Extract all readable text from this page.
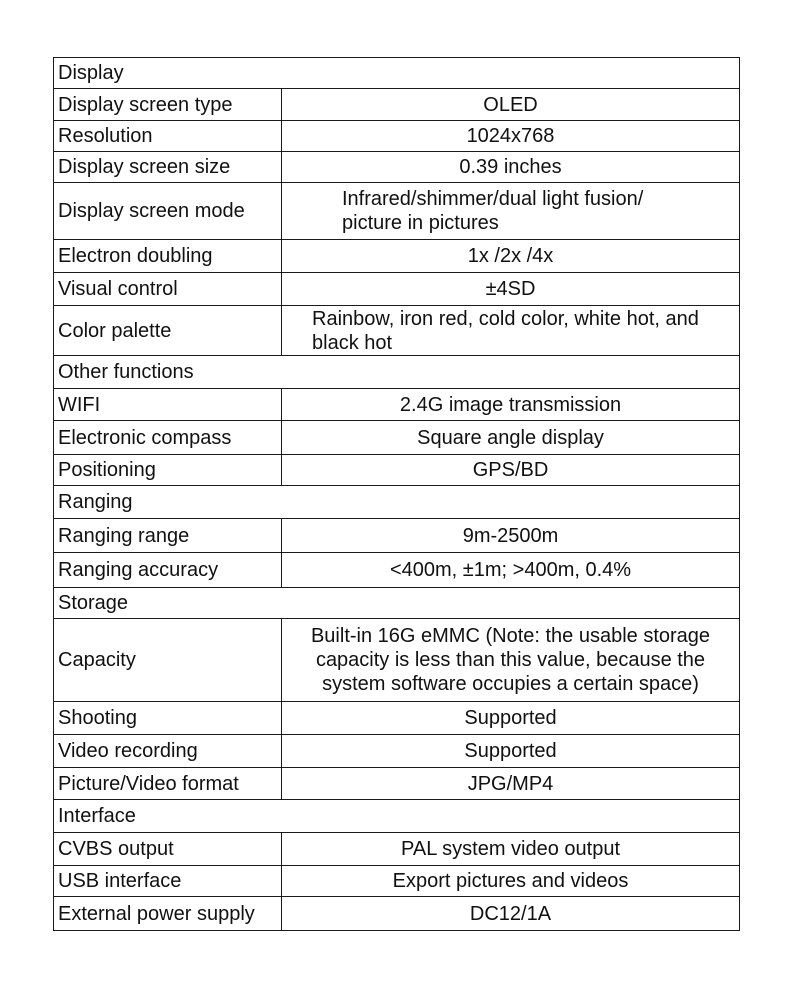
Display	
Display screen type	OLED
Resolution	1024x768
Display screen size	0.39 inches
Display screen mode	Infrared/shimmer/dual light fusion/ picture in pictures
Electron doubling	1x /2x /4x
Visual control	±4SD
Color palette	Rainbow, iron red, cold color, white hot, and black hot
Other functions	
WIFI	2.4G image transmission
Electronic compass	Square angle display
Positioning	GPS/BD
Ranging	
Ranging range	9m-2500m
Ranging accuracy	<400m, ±1m; >400m, 0.4%
Storage	
Capacity	Built-in 16G eMMC (Note: the usable storage capacity is less than this value, because the system software occupies a certain space)
Shooting	Supported
Video recording	Supported
Picture/Video format	JPG/MP4
Interface	
CVBS output	PAL system video output
USB interface	Export pictures and videos
External power supply	DC12/1A
